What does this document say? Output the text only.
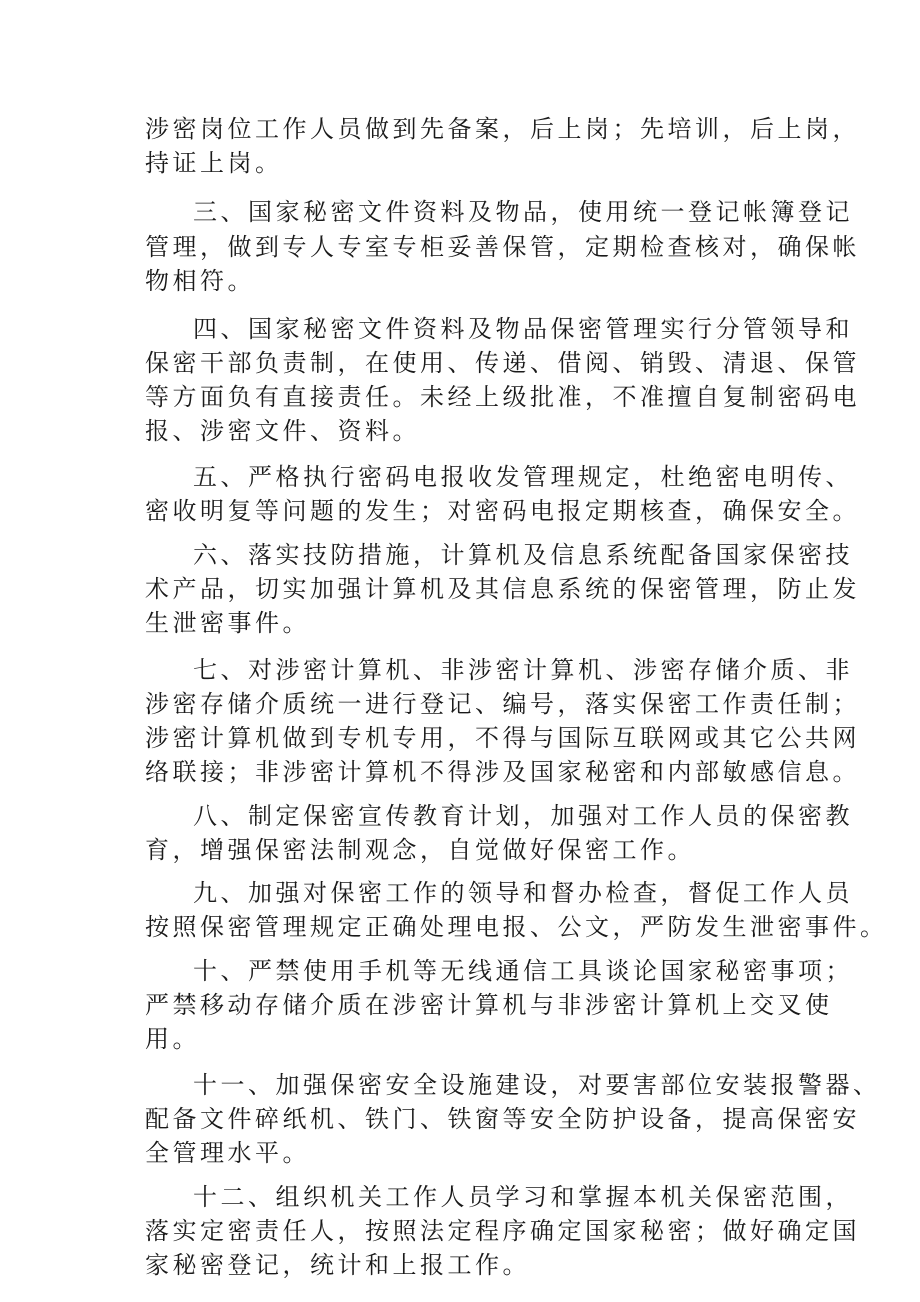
涉密岗位工作人员做到先备案，后上岗；先培训，后上岗，
持证上岗。
三、国家秘密文件资料及物品，使用统一登记帐簿登记
管理，做到专人专室专柜妥善保管，定期检查核对，确保帐
物相符。
四、国家秘密文件资料及物品保密管理实行分管领导和
保密干部负责制，在使用、传递、借阅、销毁、清退、保管
等方面负有直接责任。未经上级批准，不准擅自复制密码电
报、涉密文件、资料。
五、严格执行密码电报收发管理规定，杜绝密电明传、
密收明复等问题的发生；对密码电报定期核查，确保安全。
六、落实技防措施，计算机及信息系统配备国家保密技
术产品，切实加强计算机及其信息系统的保密管理，防止发
生泄密事件。
七、对涉密计算机、非涉密计算机、涉密存储介质、非
涉密存储介质统一进行登记、编号，落实保密工作责任制；
涉密计算机做到专机专用，不得与国际互联网或其它公共网
络联接；非涉密计算机不得涉及国家秘密和内部敏感信息。
八、制定保密宣传教育计划，加强对工作人员的保密教
育，增强保密法制观念，自觉做好保密工作。
九、加强对保密工作的领导和督办检查，督促工作人员
按照保密管理规定正确处理电报、公文，严防发生泄密事件。
十、严禁使用手机等无线通信工具谈论国家秘密事项；
严禁移动存储介质在涉密计算机与非涉密计算机上交叉使
用。
十一、加强保密安全设施建设，对要害部位安装报警器、
配备文件碎纸机、铁门、铁窗等安全防护设备，提高保密安
全管理水平。
十二、组织机关工作人员学习和掌握本机关保密范围，
落实定密责任人，按照法定程序确定国家秘密；做好确定国
家秘密登记，统计和上报工作。
